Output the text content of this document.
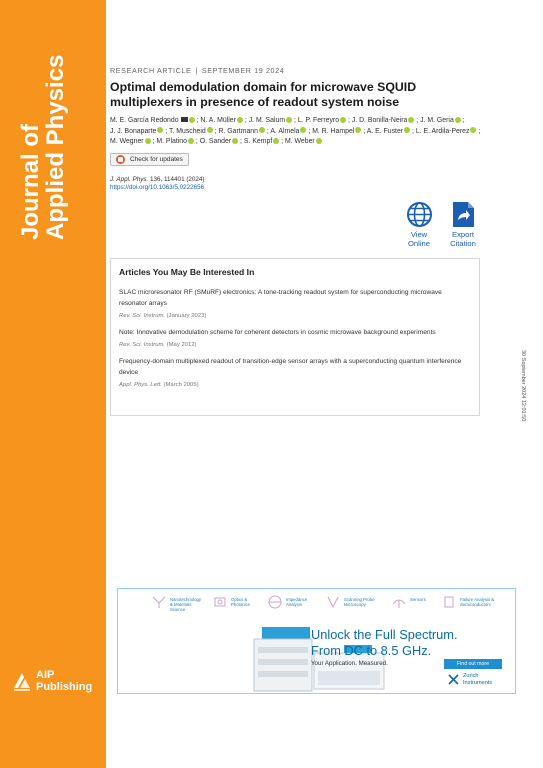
Journal of
Applied Physics
AIP
Publishing
RESEARCH ARTICLE | SEPTEMBER 19 2024
Optimal demodulation domain for microwave SQUID multiplexers in presence of readout system noise
M. E. García Redondo ; N. A. Müller ; J. M. Salum ; L. P. Ferreyro ; J. D. Bonilla-Neira ; J. M. Geria ; J. J. Bonaparte ; T. Muscheid ; R. Gartmann ; A. Almela ; M. R. Hampel ; A. E. Fuster ; L. E. Ardila-Perez ; M. Wegner ; M. Platino ; O. Sander ; S. Kempf ; M. Weber
Check for updates
J. Appl. Phys. 136, 114401 (2024)
https://doi.org/10.1063/5.0222656
View
Online
Export
Citation
Articles You May Be Interested In
SLAC microresonator RF (SMuRF) electronics: A tone-tracking readout system for superconducting microwave resonator arrays
Rev. Sci. Instrum. (January 2023)
Note: Innovative demodulation scheme for coherent detectors in cosmic microwave background experiments
Rev. Sci. Instrum. (May 2012)
Frequency-domain multiplexed readout of transition-edge sensor arrays with a superconducting quantum interference device
Appl. Phys. Lett. (March 2005)	30 September 2024 12:01:50
Nanotechnology & Materials Science
Optics & Photonics
Impedance Analysis
Scanning Probe Microscopy
Sensors	Failure Analysis & Semiconductors
Unlock the Full Spectrum.
From DC to 8.5 GHz.
Your Application. Measured.	Find out more
Zurich
Instruments
